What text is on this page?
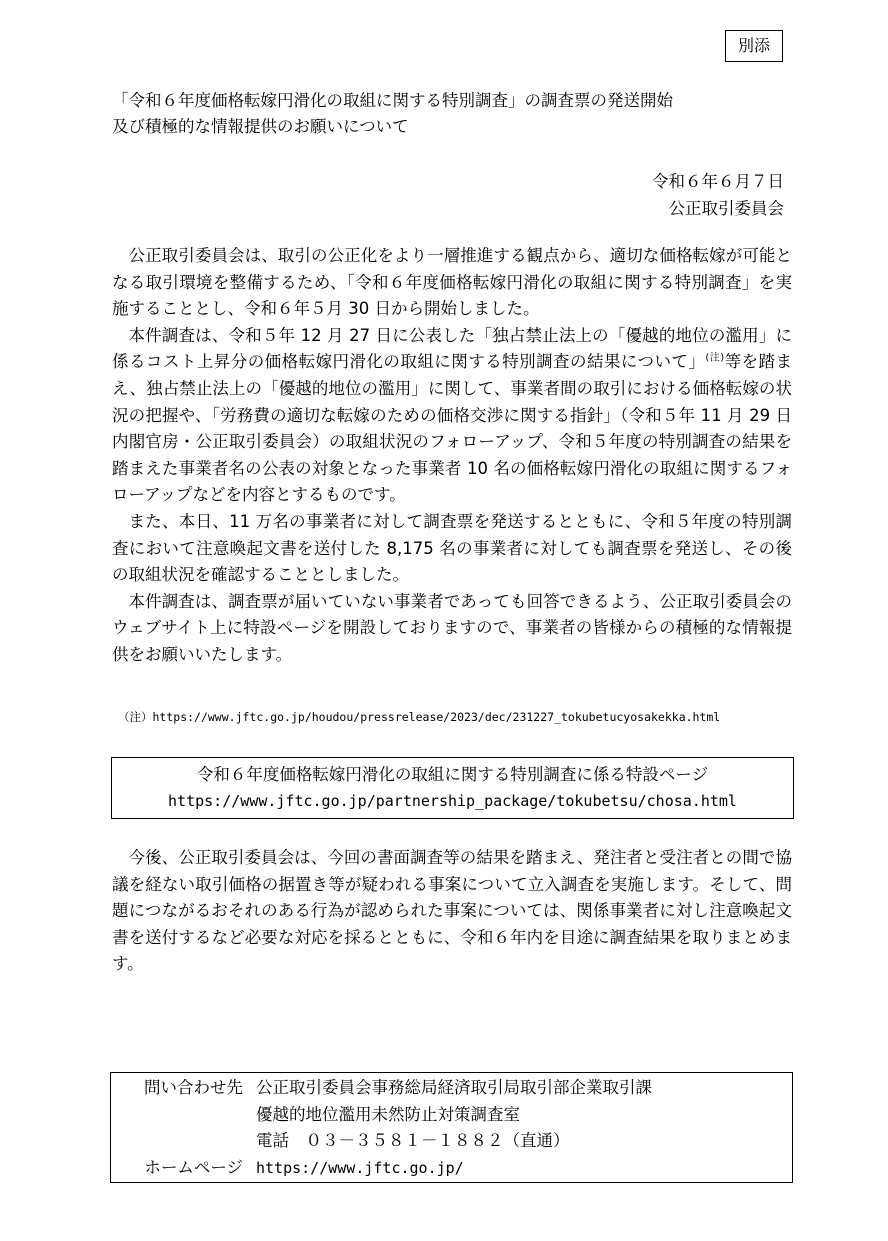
別添
「令和６年度価格転嫁円滑化の取組に関する特別調査」の調査票の発送開始
及び積極的な情報提供のお願いについて
令和６年６月７日
公正取引委員会

公正取引委員会は、取引の公正化をより一層推進する観点から、適切な価格転嫁が可能となる取引環境を整備するため、「令和６年度価格転嫁円滑化の取組に関する特別調査」を実施することとし、令和６年５月 30 日から開始しました。

本件調査は、令和５年 12 月 27 日に公表した「独占禁止法上の「優越的地位の濫用」に係るコスト上昇分の価格転嫁円滑化の取組に関する特別調査の結果について」$^{(注)}$等を踏まえ、独占禁止法上の「優越的地位の濫用」に関して、事業者間の取引における価格転嫁の状況の把握や、「労務費の適切な転嫁のための価格交渉に関する指針」（令和５年 11 月 29 日内閣官房・公正取引委員会）の取組状況のフォローアップ、令和５年度の特別調査の結果を踏まえた事業者名の公表の対象となった事業者 10 名の価格転嫁円滑化の取組に関するフォローアップなどを内容とするものです。

また、本日、11 万名の事業者に対して調査票を発送するとともに、令和５年度の特別調査において注意喚起文書を送付した 8,175 名の事業者に対しても調査票を発送し、その後の取組状況を確認することとしました。

本件調査は、調査票が届いていない事業者であっても回答できるよう、公正取引委員会のウェブサイト上に特設ページを開設しておりますので、事業者の皆様からの積極的な情報提供をお願いいたします。

（注）https://www.jftc.go.jp/houdou/pressrelease/2023/dec/231227_tokubetucyosakekka.html
令和６年度価格転嫁円滑化の取組に関する特別調査に係る特設ページ
https://www.jftc.go.jp/partnership_package/tokubetsu/chosa.html

今後、公正取引委員会は、今回の書面調査等の結果を踏まえ、発注者と受注者との間で協議を経ない取引価格の据置き等が疑われる事案について立入調査を実施します。そして、問題につながるおそれのある行為が認められた事案については、関係事業者に対し注意喚起文書を送付するなど必要な対応を採るとともに、令和６年内を目途に調査結果を取りまとめます。

問い合わせ先 公正取引委員会事務総局経済取引局取引部企業取引課
優越的地位濫用未然防止対策調査室
電話　０３－３５８１－１８８２（直通）
ホームページ https://www.jftc.go.jp/
